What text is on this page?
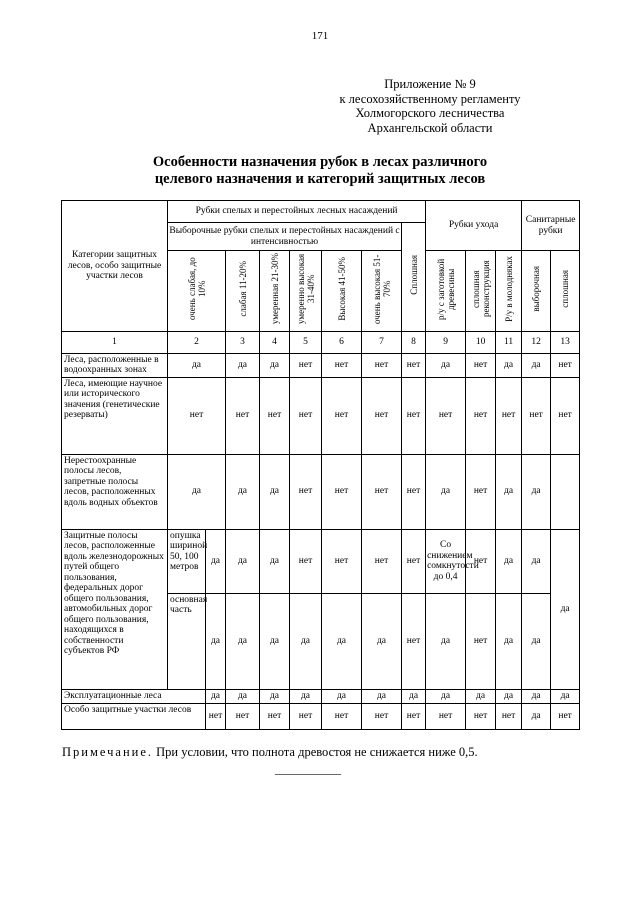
171
Приложение № 9
к лесохозяйственному регламенту
Холмогорского лесничества
Архангельской области
Особенности назначения рубок в лесах различного
целевого назначения и категорий защитных лесов
Категории защитных лесов, особо защитные участки лесов	Рубки спелых и перестойных лесных насаждений								Рубки ухода			Санитарные рубки	
	Выборочные рубки спелых и перестойных насаждений с интенсивностью							Сплошная					
	очень слабая, до 10%		слабая 11-20%	умеренная 21-30%	умеренно высокая 31-40%	Высокая 41-50%	очень высокая 51-70%		р/у с заготовкой древесины	сплошная реконструкция	Р/у в молодняках	выборочная	сплошная
1	2		3	4	5	6	7	8	9	10	11	12	13
Леса, расположенные в водоохранных зонах	да		да	да	нет	нет	нет	нет	да	нет	да	да	нет
Леса, имеющие научное или исторического значения (генетические резерваты)	нет		нет	нет	нет	нет	нет	нет	нет	нет	нет	нет	нет
Нерестоохранные полосы лесов, запретные полосы лесов, расположенных вдоль водных объектов	да		да	да	нет	нет	нет	нет	да	нет	да	да	
Защитные полосы лесов, расположенные вдоль железнодорожных путей общего пользования, федеральных дорог общего пользования, автомобильных дорог общего пользования, находящихся в собственности субъектов РФ	опушка шириной 50, 100 метров	да	да	да	нет	нет	нет	нет	Со снижением сомкнутости до 0,4	нет	да	да	да
	основная часть	да	да	да	да	да	да	нет	да	нет	да	да	
Эксплуатационные леса		да	да	да	да	да	да	да	да	да	да	да	да
Особо защитные участки лесов		нет	нет	нет	нет	нет	нет	нет	нет	нет	нет	да	нет
Примечание. При условии, что полнота древостоя не снижается ниже 0,5.
___________
